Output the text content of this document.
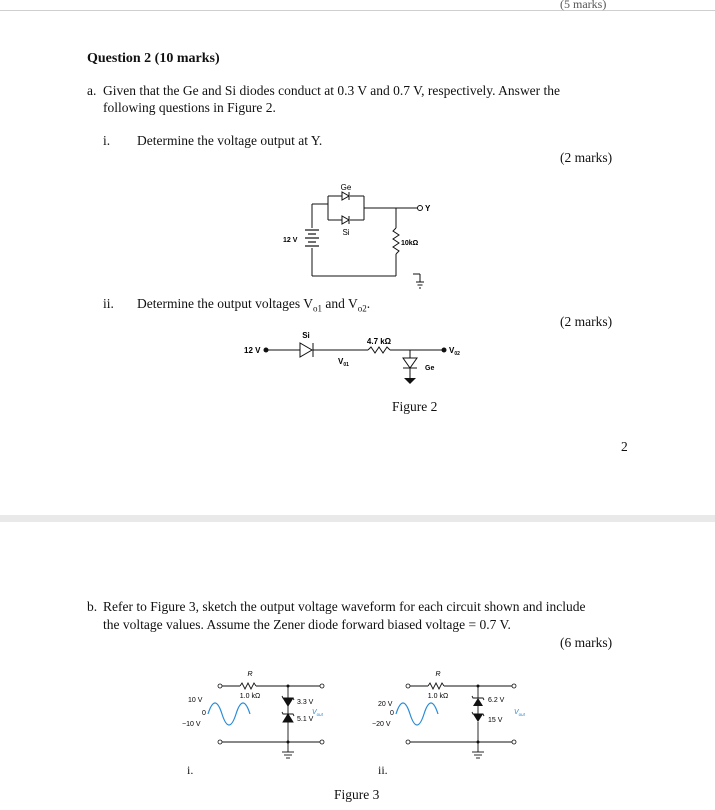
(5 marks)
Question 2 (10 marks)
a. Given that the Ge and Si diodes conduct at 0.3 V and 0.7 V, respectively. Answer the
following questions in Figure 2.
i. Determine the voltage output at Y.
(2 marks)
Ge
Si
12 V	10kΩ
Y
ii. Determine the output voltages $V_{o1}$ and $V_{o2}$.
(2 marks)
12 V
Si
4.7 kΩ
$V_{01}$
$V_{02}$
Ge
Figure 2
2
b. Refer to Figure 3, sketch the output voltage waveform for each circuit shown and include
the voltage values. Assume the Zener diode forward biased voltage = 0.7 V.
(6 marks)
R
1.0 kΩ
10 V
0
−10 V
3.3 V
5.1 V
$V_{out}$
i.
R
1.0 kΩ
20 V
0
−20 V
6.2 V
15 V
$V_{out}$
ii.
Figure 3
